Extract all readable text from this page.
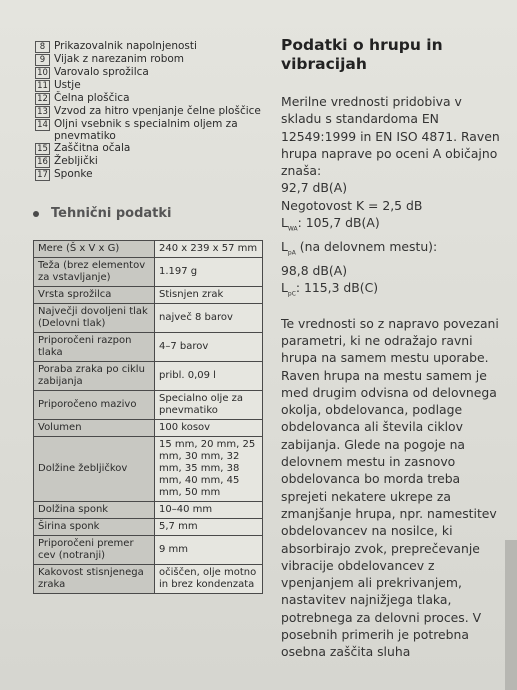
8 Prikazovalnik napolnjenosti
9 Vijak z narezanim robom
10 Varovalo sprožilca
11 Ustje
12 Čelna ploščica
13 Vzvod za hitro vpenjanje čelne ploščice
14 Oljni vsebnik s specialnim oljem za pnevmatiko
15 Zaščitna očala
16 Žebljički
17 Sponke
Tehnični podatki
Mere (Š x V x G)	240 x 239 x 57 mm
Teža (brez elementov za vstavljanje)	1.197 g
Vrsta sprožilca	Stisnjen zrak
Največji dovoljeni tlak (Delovni tlak)	največ 8 barov
Priporočeni razpon tlaka	4–7 barov
Poraba zraka po ciklu zabijanja	pribl. 0,09 l
Priporočeno mazivo	Specialno olje za pnevmatiko
Volumen	100 kosov
Dolžine žebljičkov	15 mm, 20 mm, 25 mm, 30 mm, 32 mm, 35 mm, 38 mm, 40 mm, 45 mm, 50 mm
Dolžina sponk	10–40 mm
Širina sponk	5,7 mm
Priporočeni premer cev (notranji)	9 mm
Kakovost stisnjenega zraka	očiščen, olje motno in brez kondenzata
Podatki o hrupu in vibracijah
Merilne vrednosti pridobiva v skladu s standardoma EN 12549:1999 in EN ISO 4871. Raven hrupa naprave po oceni A običajno znaša:
92,7 dB(A)
Negotovost K = 2,5 dB
$L_{WA}$: 105,7 dB(A)
$L_{pA}$ (na delovnem mestu):
98,8 dB(A)
$L_{pC}$: 115,3 dB(C)
Te vrednosti so z napravo povezani parametri, ki ne odražajo ravni hrupa na samem mestu uporabe. Raven hrupa na mestu samem je med drugim odvisna od delovnega okolja, obdelovanca, podlage obdelovanca ali števila ciklov zabijanja. Glede na pogoje na delovnem mestu in zasnovo obdelovanca bo morda treba sprejeti nekatere ukrepe za zmanjšanje hrupa, npr. namestitev obdelovancev na nosilce, ki absorbirajo zvok, preprečevanje vibracije obdelovancev z vpenjanjem ali prekrivanjem, nastavitev najnižjega tlaka, potrebnega za delovni proces. V posebnih primerih je potrebna osebna zaščita sluha
